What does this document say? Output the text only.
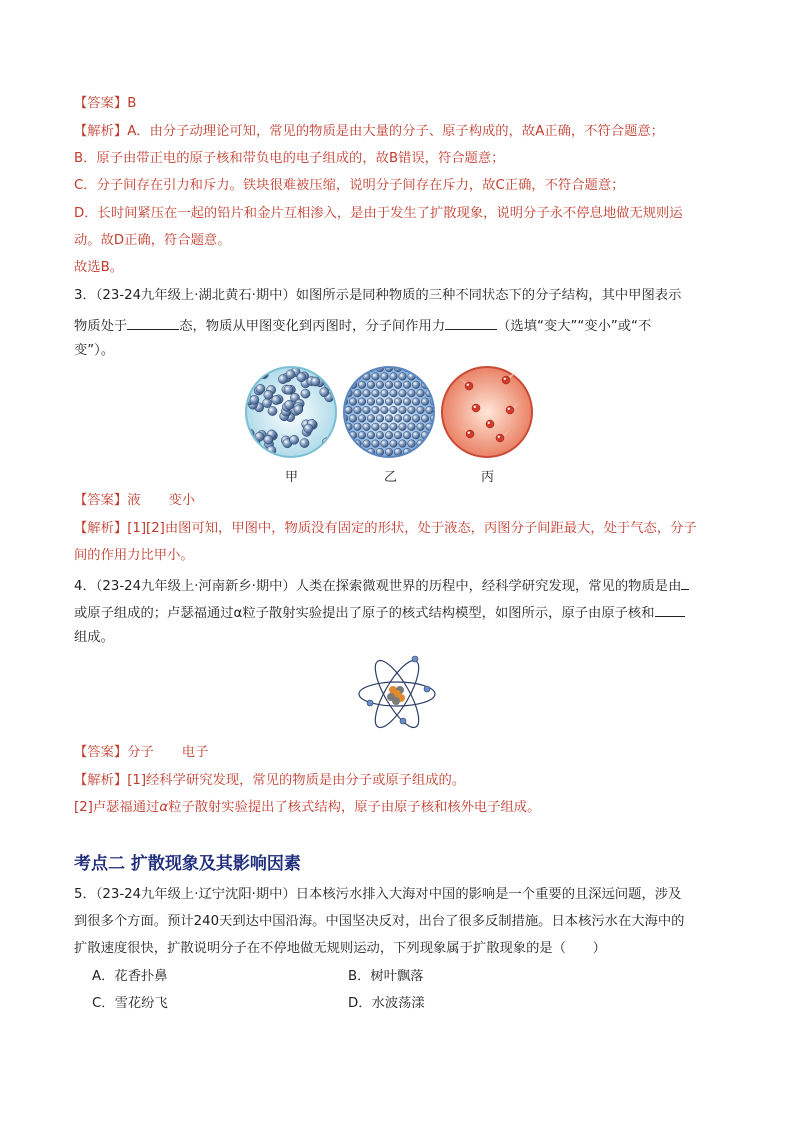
【答案】B
【解析】A．由分子动理论可知，常见的物质是由大量的分子、原子构成的，故A正确，不符合题意；
B．原子由带正电的原子核和带负电的电子组成的，故B错误，符合题意；
C．分子间存在引力和斥力。铁块很难被压缩，说明分子间存在斥力，故C正确，不符合题意；
D．长时间紧压在一起的铅片和金片互相渗入，是由于发生了扩散现象，说明分子永不停息地做无规则运
动。故D正确，符合题意。
故选B。
3．（23-24九年级上·湖北黄石·期中）如图所示是同种物质的三种不同状态下的分子结构，其中甲图表示
物质处于	态，物质从甲图变化到丙图时，分子间作用力	（选填“变大”“变小”或“不
变”）。
甲	乙	丙
【答案】液 变小
【解析】[1][2]由图可知，甲图中，物质没有固定的形状，处于液态，丙图分子间距最大，处于气态，分子
间的作用力比甲小。
4．（23-24九年级上·河南新乡·期中）人类在探索微观世界的历程中，经科学研究发现，常见的物质是由
或原子组成的；卢瑟福通过α粒子散射实验提出了原子的核式结构模型，如图所示，原子由原子核和
组成。
【答案】分子 电子
【解析】[1]经科学研究发现，常见的物质是由分子或原子组成的。
[2]卢瑟福通过α粒子散射实验提出了核式结构，原子由原子核和核外电子组成。
考点二 扩散现象及其影响因素
5．（23-24九年级上·辽宁沈阳·期中）日本核污水排入大海对中国的影响是一个重要的且深远问题，涉及
到很多个方面。预计240天到达中国沿海。中国坚决反对，出台了很多反制措施。日本核污水在大海中的
扩散速度很快，扩散说明分子在不停地做无规则运动，下列现象属于扩散现象的是（　　）
A．花香扑鼻	B．树叶飘落
C．雪花纷飞	D．水波荡漾
